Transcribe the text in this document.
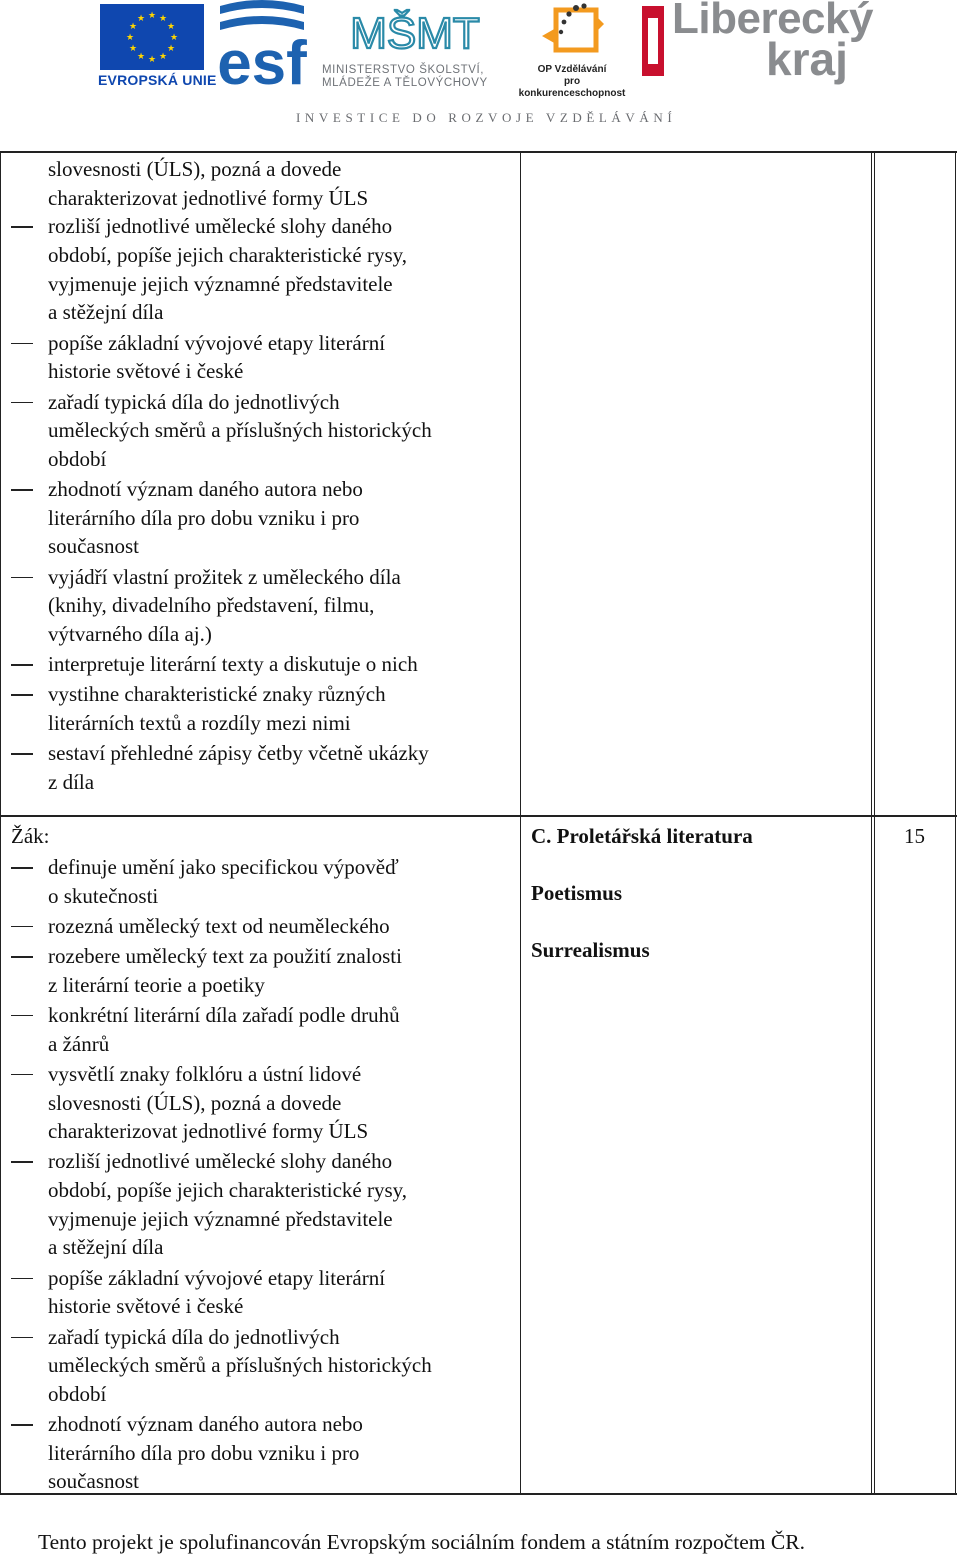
★ ★
★
★
★
★
★
★
★
★
★
★
EVROPSKÁ UNIE esf MŠMT
MINISTERSTVO ŠKOLSTVÍ,
MLÁDEŽE A TĚLOVÝCHOVY
OP Vzdělávání
pro konkurenceschopnost
Liberecký
kraj
INVESTICE DO ROZVOJE VZDĚLÁVÁNÍ
slovesnosti (ÚLS), pozná a dovede
charakterizovat jednotlivé formy ÚLS
rozliší jednotlivé umělecké slohy daného
období, popíše jejich charakteristické rysy,
vyjmenuje jejich významné představitele
a stěžejní díla
popíše základní vývojové etapy literární
historie světové i české
zařadí typická díla do jednotlivých
uměleckých směrů a příslušných historických
období
zhodnotí význam daného autora nebo
literárního díla pro dobu vzniku i pro
současnost
vyjádří vlastní prožitek z uměleckého díla
(knihy, divadelního představení, filmu,
výtvarného díla aj.)
interpretuje literární texty a diskutuje o nich
vystihne charakteristické znaky různých
literárních textů a rozdíly mezi nimi
sestaví přehledné zápisy četby včetně ukázky
z díla
Žák:
definuje umění jako specifickou výpověď
o skutečnosti
rozezná umělecký text od neuměleckého
rozebere umělecký text za použití znalosti
z literární teorie a poetiky
konkrétní literární díla zařadí podle druhů
a žánrů
vysvětlí znaky folklóru a ústní lidové
slovesnosti (ÚLS), pozná a dovede
charakterizovat jednotlivé formy ÚLS
rozliší jednotlivé umělecké slohy daného
období, popíše jejich charakteristické rysy,
vyjmenuje jejich významné představitele
a stěžejní díla
popíše základní vývojové etapy literární
historie světové i české
zařadí typická díla do jednotlivých
uměleckých směrů a příslušných historických
období
zhodnotí význam daného autora nebo
literárního díla pro dobu vzniku i pro
současnost
C. Proletářská literatura
Poetismus
Surrealismus
15
Tento projekt je spolufinancován Evropským sociálním fondem a státním rozpočtem ČR.
